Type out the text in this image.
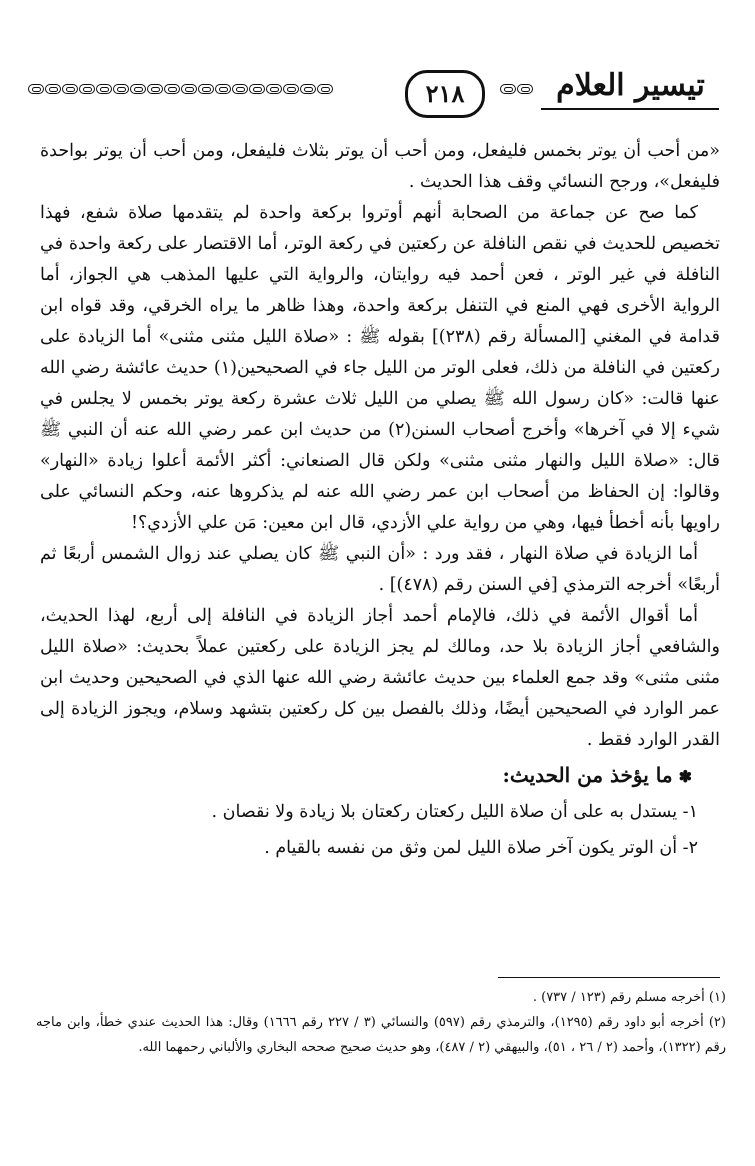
تيسير العلام
٢١٨

«من أحب أن يوتر بخمس فليفعل، ومن أحب أن يوتر بثلاث فليفعل، ومن أحب أن يوتر بواحدة فليفعل»، ورجح النسائي وقف هذا الحديث .

كما صح عن جماعة من الصحابة أنهم أوتروا بركعة واحدة لم يتقدمها صلاة شفع، فهذا تخصيص للحديث في نقص النافلة عن ركعتين في ركعة الوتر، أما الاقتصار على ركعة واحدة في النافلة في غير الوتر ، فعن أحمد فيه روايتان، والرواية التي عليها المذهب هي الجواز، أما الرواية الأخرى فهي المنع في التنفل بركعة واحدة، وهذا ظاهر ما يراه الخرقي، وقد قواه ابن قدامة في المغني [المسألة رقم (٢٣٨)] بقوله ﷺ : «صلاة الليل مثنى مثنى» أما الزيادة على ركعتين في النافلة من ذلك، فعلى الوتر من الليل جاء في الصحيحين(١) حديث عائشة رضي الله عنها قالت: «كان رسول الله ﷺ يصلي من الليل ثلاث عشرة ركعة يوتر بخمس لا يجلس في شيء إلا في آخرها» وأخرج أصحاب السنن(٢) من حديث ابن عمر رضي الله عنه أن النبي ﷺ قال: «صلاة الليل والنهار مثنى مثنى» ولكن قال الصنعاني: أكثر الأئمة أعلوا زيادة «النهار» وقالوا: إن الحفاظ من أصحاب ابن عمر رضي الله عنه لم يذكروها عنه، وحكم النسائي على راويها بأنه أخطأ فيها، وهي من رواية علي الأزدي، قال ابن معين: مَن علي الأزدي؟!

أما الزيادة في صلاة النهار ، فقد ورد : «أن النبي ﷺ كان يصلي عند زوال الشمس أربعًا ثم أربعًا» أخرجه الترمذي [في السنن رقم (٤٧٨)] .

أما أقوال الأئمة في ذلك، فالإمام أحمد أجاز الزيادة في النافلة إلى أربع، لهذا الحديث، والشافعي أجاز الزيادة بلا حد، ومالك لم يجز الزيادة على ركعتين عملاً بحديث: «صلاة الليل مثنى مثنى» وقد جمع العلماء بين حديث عائشة رضي الله عنها الذي في الصحيحين وحديث ابن عمر الوارد في الصحيحين أيضًا، وذلك بالفصل بين كل ركعتين بتشهد وسلام، ويجوز الزيادة إلى القدر الوارد فقط .

✽ما يؤخذ من الحديث:
١- يستدل به على أن صلاة الليل ركعتان ركعتان بلا زيادة ولا نقصان .
٢- أن الوتر يكون آخر صلاة الليل لمن وثق من نفسه بالقيام .

(١) أخرجه مسلم رقم (١٢٣ / ٧٣٧) .

(٢) أخرجه أبو داود رقم (١٢٩٥)، والترمذي رقم (٥٩٧) والنسائي (٣ / ٢٢٧ رقم ١٦٦٦) وقال: هذا الحديث عندي خطأ، وابن ماجه رقم (١٣٢٢)، وأحمد (٢ / ٢٦ ، ٥١)، والبيهقي (٢ / ٤٨٧)، وهو حديث صحيح صححه البخاري والألباني رحمهما الله.
